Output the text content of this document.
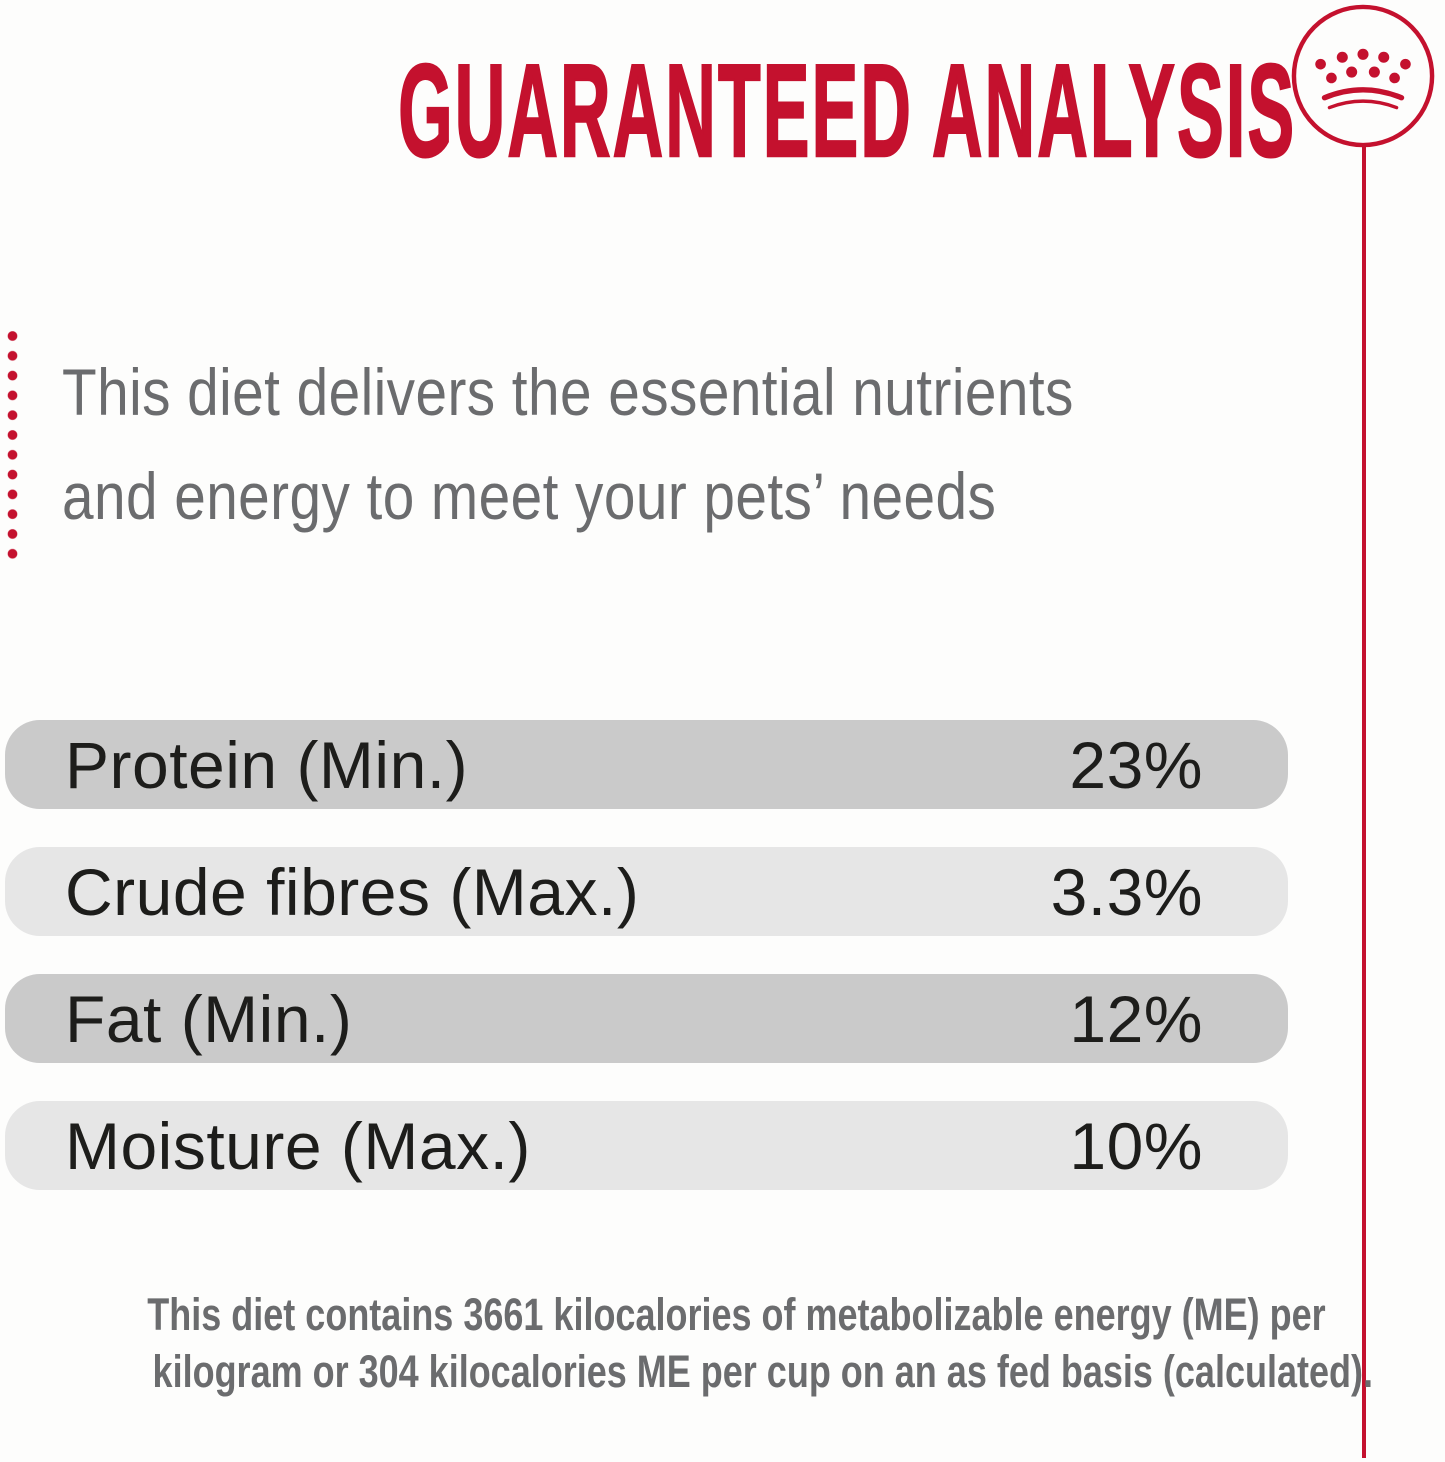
GUARANTEED ANALYSIS
This diet delivers the essential nutrients
and energy to meet your pets’ needs
Protein (Min.)	23%
Crude fibres (Max.)	3.3%
Fat (Min.)	12%
Moisture (Max.)	10%
This diet contains 3661 kilocalories of metabolizable energy (ME) per
kilogram or 304 kilocalories ME per cup on an as fed basis (calculated).
